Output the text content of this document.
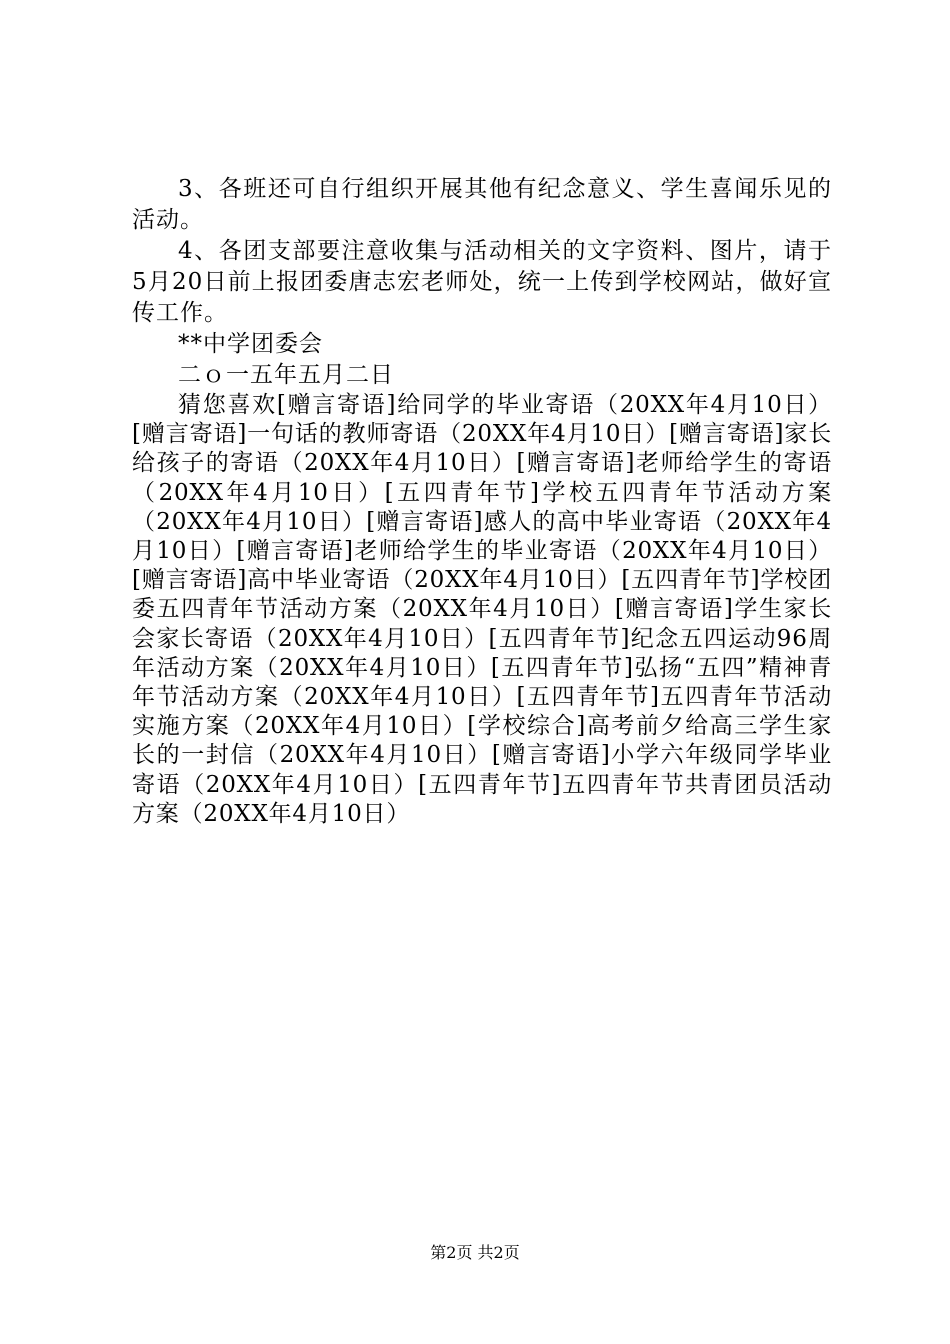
3、各班还可自行组织开展其他有纪念意义、学生喜闻乐见的活动。

4、各团支部要注意收集与活动相关的文字资料、图片，请于5月20日前上报团委唐志宏老师处，统一上传到学校网站，做好宣传工作。

**中学团委会

二ｏ一五年五月二日

猜您喜欢[赠言寄语]给同学的毕业寄语（20XX年4月10日）[赠言寄语]一句话的教师寄语（20XX年4月10日）[赠言寄语]家长给孩子的寄语（20XX年4月10日）[赠言寄语]老师给学生的寄语（20XX年4月10日）[五四青年节]学校五四青年节活动方案（20XX年4月10日）[赠言寄语]感人的高中毕业寄语（20XX年4月10日）[赠言寄语]老师给学生的毕业寄语（20XX年4月10日）[赠言寄语]高中毕业寄语（20XX年4月10日）[五四青年节]学校团委五四青年节活动方案（20XX年4月10日）[赠言寄语]学生家长会家长寄语（20XX年4月10日）[五四青年节]纪念五四运动96周年活动方案（20XX年4月10日）[五四青年节]弘扬“五四”精神青年节活动方案（20XX年4月10日）[五四青年节]五四青年节活动实施方案（20XX年4月10日）[学校综合]高考前夕给高三学生家长的一封信（20XX年4月10日）[赠言寄语]小学六年级同学毕业寄语（20XX年4月10日）[五四青年节]五四青年节共青团员活动方案（20XX年4月10日）

第2页 共2页
